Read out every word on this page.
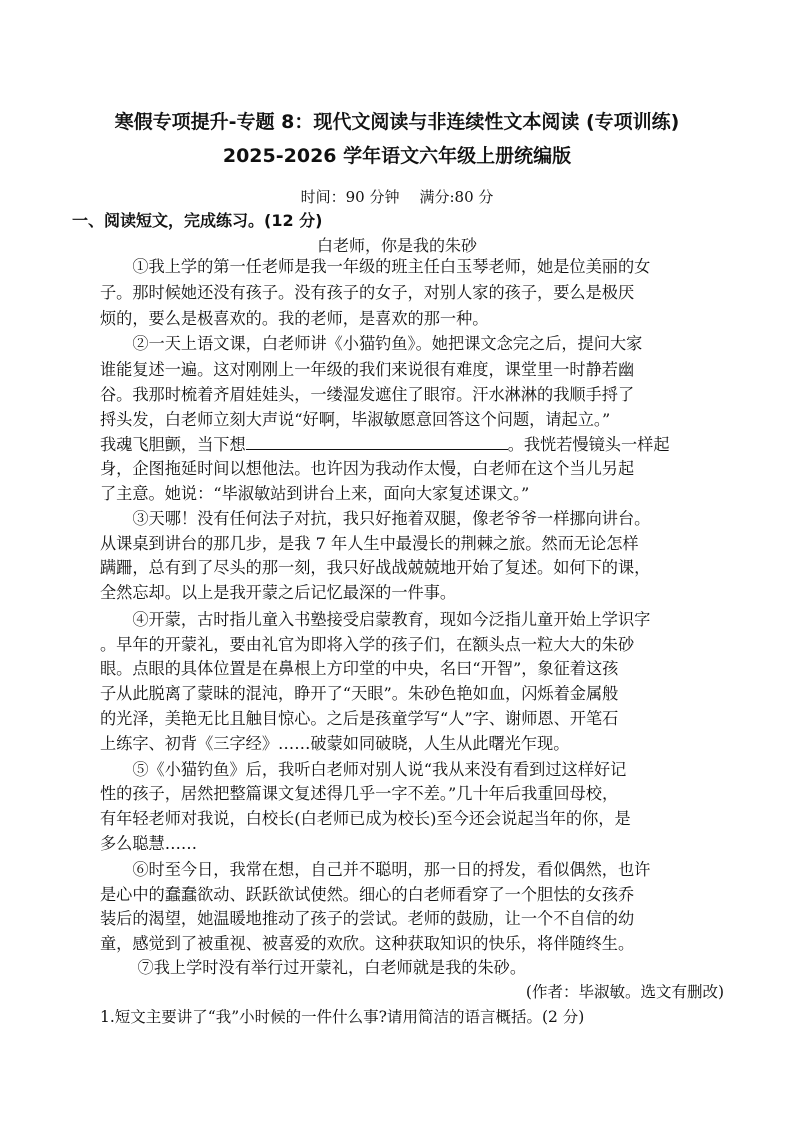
寒假专项提升-专题 8：现代文阅读与非连续性文本阅读 (专项训练)
2025-2026 学年语文六年级上册统编版
时间：90 分钟 满分:80 分
一、阅读短文，完成练习。(12 分)
白老师，你是我的朱砂
　　①我上学的第一任老师是我一年级的班主任白玉琴老师，她是位美丽的女
子。那时候她还没有孩子。没有孩子的女子，对别人家的孩子，要么是极厌
烦的，要么是极喜欢的。我的老师，是喜欢的那一种。
　　②一天上语文课，白老师讲《小猫钓鱼》。她把课文念完之后，提问大家
谁能复述一遍。这对刚刚上一年级的我们来说很有难度，课堂里一时静若幽
谷。我那时梳着齐眉娃娃头，一缕湿发遮住了眼帘。汗水淋淋的我顺手捋了
捋头发，白老师立刻大声说“好啊，毕淑敏愿意回答这个问题，请起立。”
我魂飞胆颤，当下想	。我恍若慢镜头一样起
身，企图拖延时间以想他法。也许因为我动作太慢，白老师在这个当儿另起
了主意。她说：“毕淑敏站到讲台上来，面向大家复述课文。”
　　③天哪！没有任何法子对抗，我只好拖着双腿，像老爷爷一样挪向讲台。
从课桌到讲台的那几步，是我 7 年人生中最漫长的荆棘之旅。然而无论怎样
蹒跚，总有到了尽头的那一刻，我只好战战兢兢地开始了复述。如何下的课，
全然忘却。以上是我开蒙之后记忆最深的一件事。
　　④开蒙，古时指儿童入书塾接受启蒙教育，现如今泛指儿童开始上学识字
。早年的开蒙礼，要由礼官为即将入学的孩子们，在额头点一粒大大的朱砂
眼。点眼的具体位置是在鼻根上方印堂的中央，名曰“开智”，象征着这孩
子从此脱离了蒙昧的混沌，睁开了“天眼”。朱砂色艳如血，闪烁着金属般
的光泽，美艳无比且触目惊心。之后是孩童学写“人”字、谢师恩、开笔石
上练字、初背《三字经》……破蒙如同破晓，人生从此曙光乍现。
　　⑤《小猫钓鱼》后，我听白老师对别人说“我从来没有看到过这样好记
性的孩子，居然把整篇课文复述得几乎一字不差。”几十年后我重回母校，
有年轻老师对我说，白校长(白老师已成为校长)至今还会说起当年的你，是
多么聪慧……
　　⑥时至今日，我常在想，自己并不聪明，那一日的捋发，看似偶然，也许
是心中的蠢蠢欲动、跃跃欲试使然。细心的白老师看穿了一个胆怯的女孩乔
装后的渴望，她温暖地推动了孩子的尝试。老师的鼓励，让一个不自信的幼
童，感觉到了被重视、被喜爱的欢欣。这种获取知识的快乐，将伴随终生。
　　 ⑦我上学时没有举行过开蒙礼，白老师就是我的朱砂。
(作者：毕淑敏。选文有删改)
1.短文主要讲了“我”小时候的一件什么事?请用简洁的语言概括。(2 分)
